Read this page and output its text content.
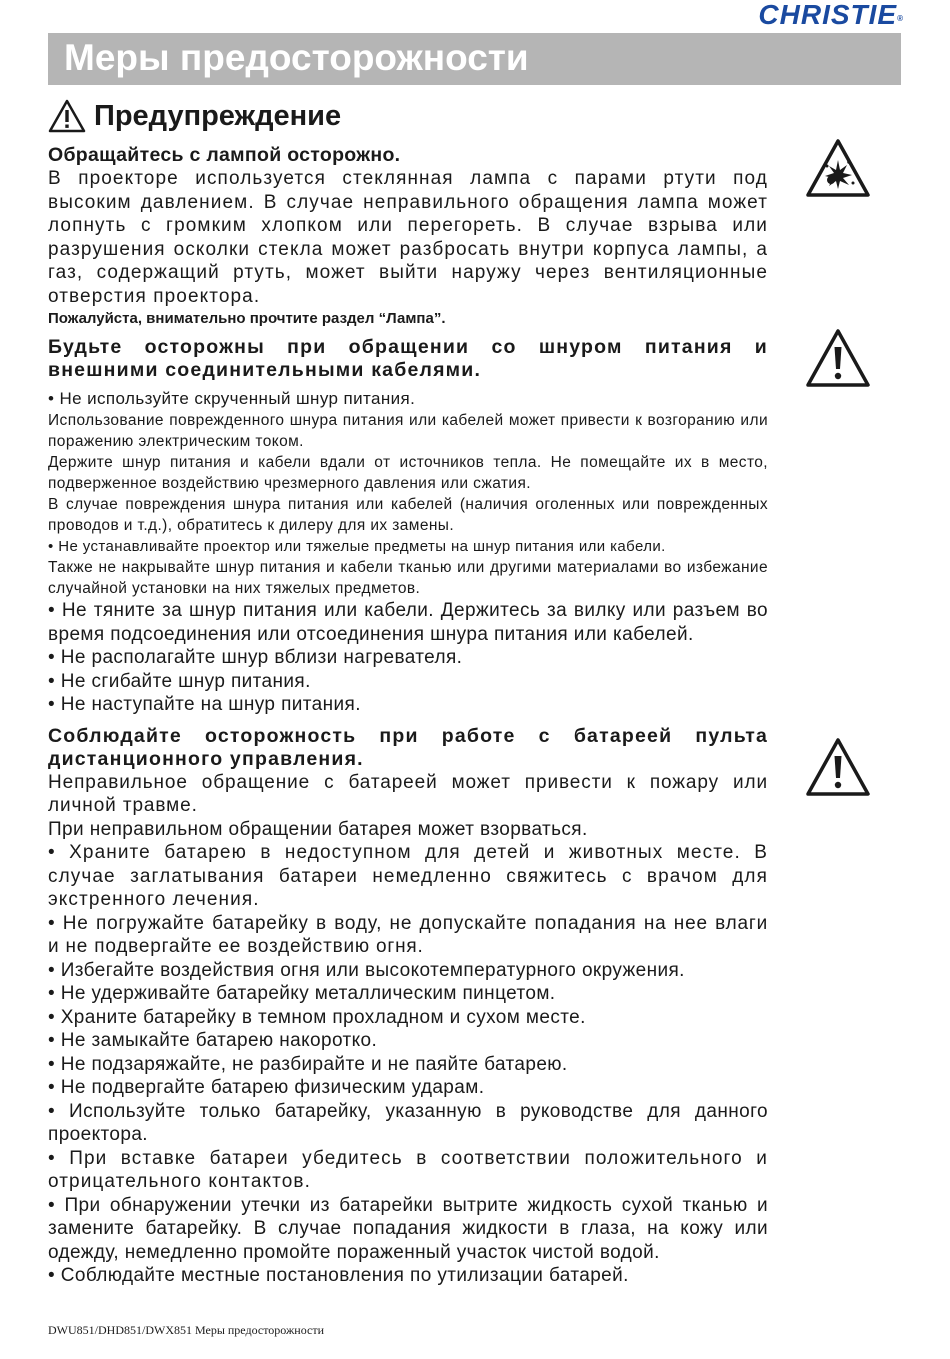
CHRISTIE®
Меры предосторожности
Предупреждение

Обращайтесь с лампой осторожно.

В проекторе используется стеклянная лампа с парами ртути под высоким давлением. В случае неправильного обращения лампа может лопнуть с громким хлопком или перегореть. В случае взрыва или разрушения осколки стекла может разбросать внутри корпуса лампы, а газ, содержащий ртуть, может выйти наружу через вентиляционные отверстия проектора.

Пожалуйста, внимательно прочтите раздел “Лампа”.

Будьте осторожны при обращении со шнуром питания и внешними соединительными кабелями.

• Не используйте скрученный шнур питания.

Использование поврежденного шнура питания или кабелей может привести к возгоранию или поражению электрическим током.

Держите шнур питания и кабели вдали от источников тепла. Не помещайте их в место, подверженное воздействию чрезмерного давления или сжатия.

В случае повреждения шнура питания или кабелей (наличия оголенных или поврежденных проводов и т.д.), обратитесь к дилеру для их замены.

• Не устанавливайте проектор или тяжелые предметы на шнур питания или кабели.

Также не накрывайте шнур питания и кабели тканью или другими материалами во избежание случайной установки на них тяжелых предметов.

• Не тяните за шнур питания или кабели. Держитесь за вилку или разъем во время подсоединения или отсоединения шнура питания или кабелей.

• Не располагайте шнур вблизи нагревателя.

• Не сгибайте шнур питания.

• Не наступайте на шнур питания.

Соблюдайте осторожность при работе с батареей пульта дистанционного управления.

Неправильное обращение с батареей может привести к пожару или личной травме.

При неправильном обращении батарея может взорваться.

• Храните батарею в недоступном для детей и животных месте. В случае заглатывания батареи немедленно свяжитесь с врачом для экстренного лечения.

• Не погружайте батарейку в воду, не допускайте попадания на нее влаги и не подвергайте ее воздействию огня.

• Избегайте воздействия огня или высокотемпературного окружения.

• Не удерживайте батарейку металлическим пинцетом.

• Храните батарейку в темном прохладном и сухом месте.

• Не замыкайте батарею накоротко.

• Не подзаряжайте, не разбирайте и не паяйте батарею.

• Не подвергайте батарею физическим ударам.

• Используйте только батарейку, указанную в руководстве для данного проектора.

• При вставке батареи убедитесь в соответствии положительного и отрицательного контактов.

• При обнаружении утечки из батарейки вытрите жидкость сухой тканью и замените батарейку. В случае попадания жидкости в глаза, на кожу или одежду, немедленно промойте пораженный участок чистой водой.

• Соблюдайте местные постановления по утилизации батарей.

DWU851/DHD851/DWX851 Меры предосторожности
